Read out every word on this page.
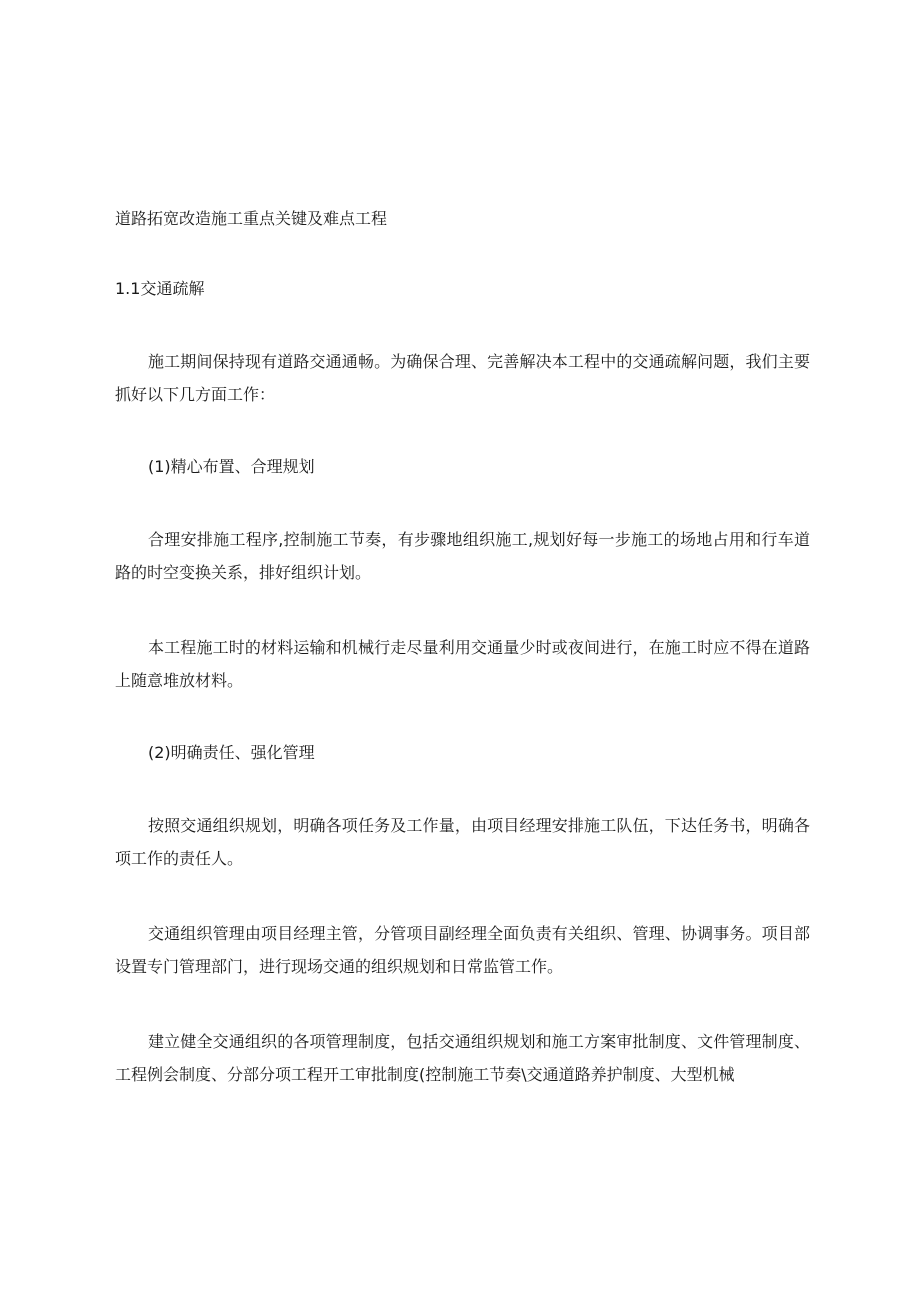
道路拓宽改造施工重点关键及难点工程
1.1交通疏解

施工期间保持现有道路交通通畅。为确保合理、完善解决本工程中的交通疏解问题，我们主要抓好以下几方面工作：

(1)精心布置、合理规划

合理安排施工程序,控制施工节奏，有步骤地组织施工,规划好每一步施工的场地占用和行车道路的时空变换关系，排好组织计划。

本工程施工时的材料运输和机械行走尽量利用交通量少时或夜间进行，在施工时应不得在道路上随意堆放材料。

(2)明确责任、强化管理

按照交通组织规划，明确各项任务及工作量，由项目经理安排施工队伍，下达任务书，明确各项工作的责任人。

交通组织管理由项目经理主管，分管项目副经理全面负责有关组织、管理、协调事务。项目部设置专门管理部门，进行现场交通的组织规划和日常监管工作。

建立健全交通组织的各项管理制度，包括交通组织规划和施工方案审批制度、文件管理制度、工程例会制度、分部分项工程开工审批制度(控制施工节奏\交通道路养护制度、大型机械
